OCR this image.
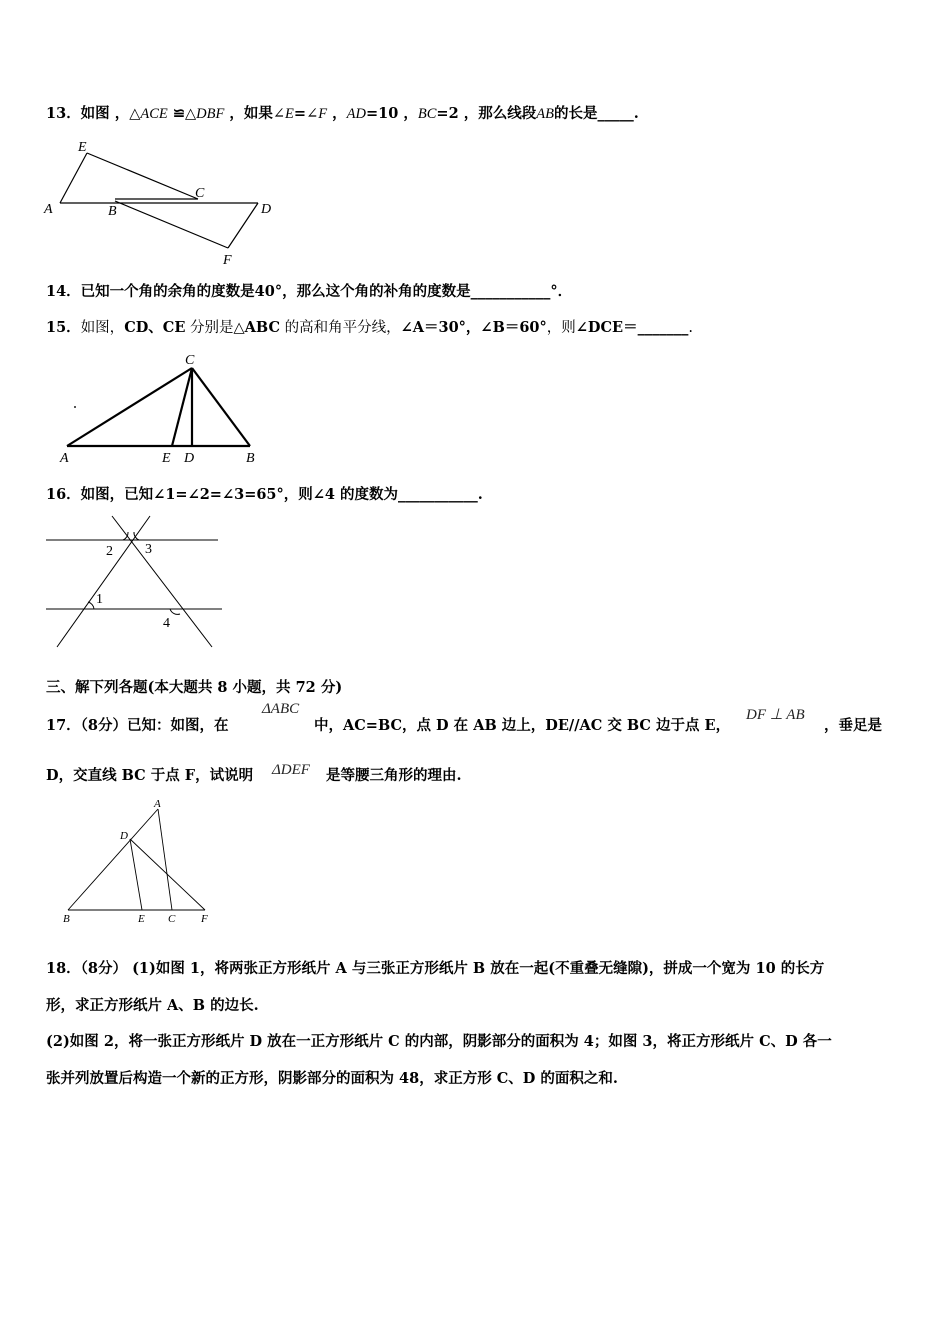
13．如图 ，△ACE ≌△DBF ，如果∠E=∠F ，AD=10 ，BC=2 ，那么线段AB的长是_____.
E
A	B
C
D
F
14．已知一个角的余角的度数是40°，那么这个角的补角的度数是___________°．
15．如图，CD、CE 分别是△ABC 的高和角平分线，∠A＝30°，∠B＝60°，则∠DCE＝_______.
C
A	E D	B
16．如图，已知∠1=∠2=∠3=65°，则∠4 的度数为___________.
2 3
1
4
三、解下列各题(本大题共 8 小题，共 72 分)
17．（8分）已知：如图，在
ΔABC
中，AC=BC，点 D 在 AB 边上，DE//AC 交 BC 边于点 E，
DF ⊥ AB
，垂足是
D，交直线 BC 于点 F，试说明 ΔDEF 是等腰三角形的理由.
A
D
B	E C F
18．（8分） (1)如图 1，将两张正方形纸片 A 与三张正方形纸片 B 放在一起(不重叠无缝隙)，拼成一个宽为 10 的长方
形，求正方形纸片 A、B 的边长.
(2)如图 2，将一张正方形纸片 D 放在一正方形纸片 C 的内部，阴影部分的面积为 4；如图 3，将正方形纸片 C、D 各一
张并列放置后构造一个新的正方形，阴影部分的面积为 48，求正方形 C、D 的面积之和.
